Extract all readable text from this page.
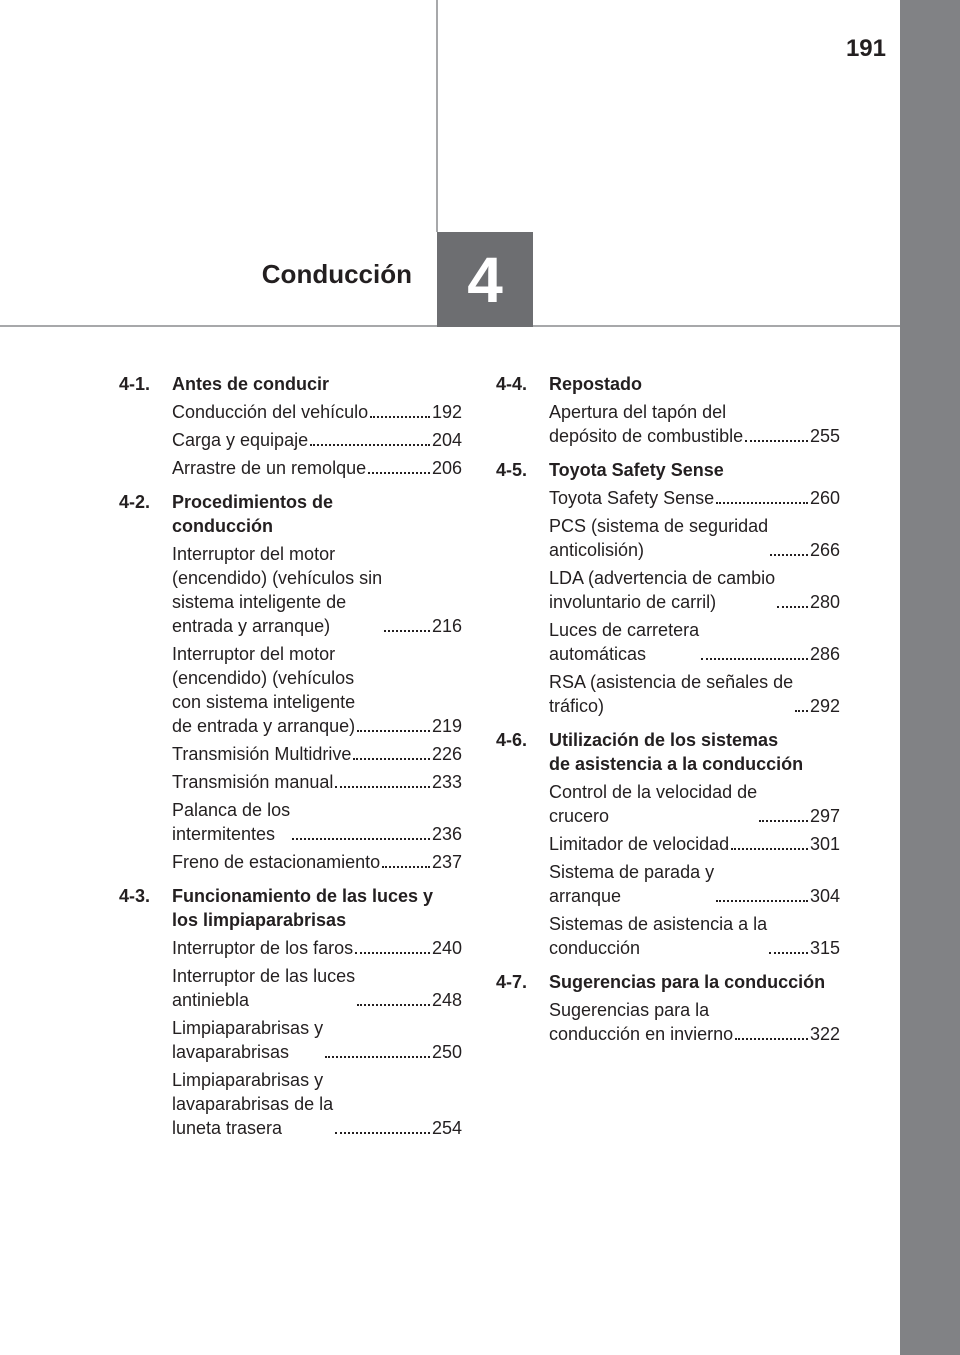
4
Conducción
191
4-1.	Antes de conducir
Conducción del vehículo	192
Carga y equipaje	204
Arrastre de un remolque	206
4-2.	Procedimientos de
conducción
Interruptor del motor
(encendido) (vehículos sin
sistema inteligente de
entrada y arranque)	216
Interruptor del motor
(encendido) (vehículos
con sistema inteligente
de entrada y arranque)	219
Transmisión Multidrive	226
Transmisión manual	233
Palanca de los
intermitentes	236
Freno de estacionamiento	237
4-3.	Funcionamiento de las luces y
los limpiaparabrisas
Interruptor de los faros	240
Interruptor de las luces
antiniebla	248
Limpiaparabrisas y
lavaparabrisas	250
Limpiaparabrisas y
lavaparabrisas de la
luneta trasera	254
4-4.	Repostado
Apertura del tapón del
depósito de combustible	255
4-5.	Toyota Safety Sense
Toyota Safety Sense	260
PCS (sistema de seguridad
anticolisión)	266
LDA (advertencia de cambio
involuntario de carril)	280
Luces de carretera
automáticas	286
RSA (asistencia de señales de
tráfico)	292
4-6.	Utilización de los sistemas
de asistencia a la conducción
Control de la velocidad de
crucero	297
Limitador de velocidad	301
Sistema de parada y
arranque	304
Sistemas de asistencia a la
conducción	315
4-7.	Sugerencias para la conducción
Sugerencias para la
conducción en invierno	322
